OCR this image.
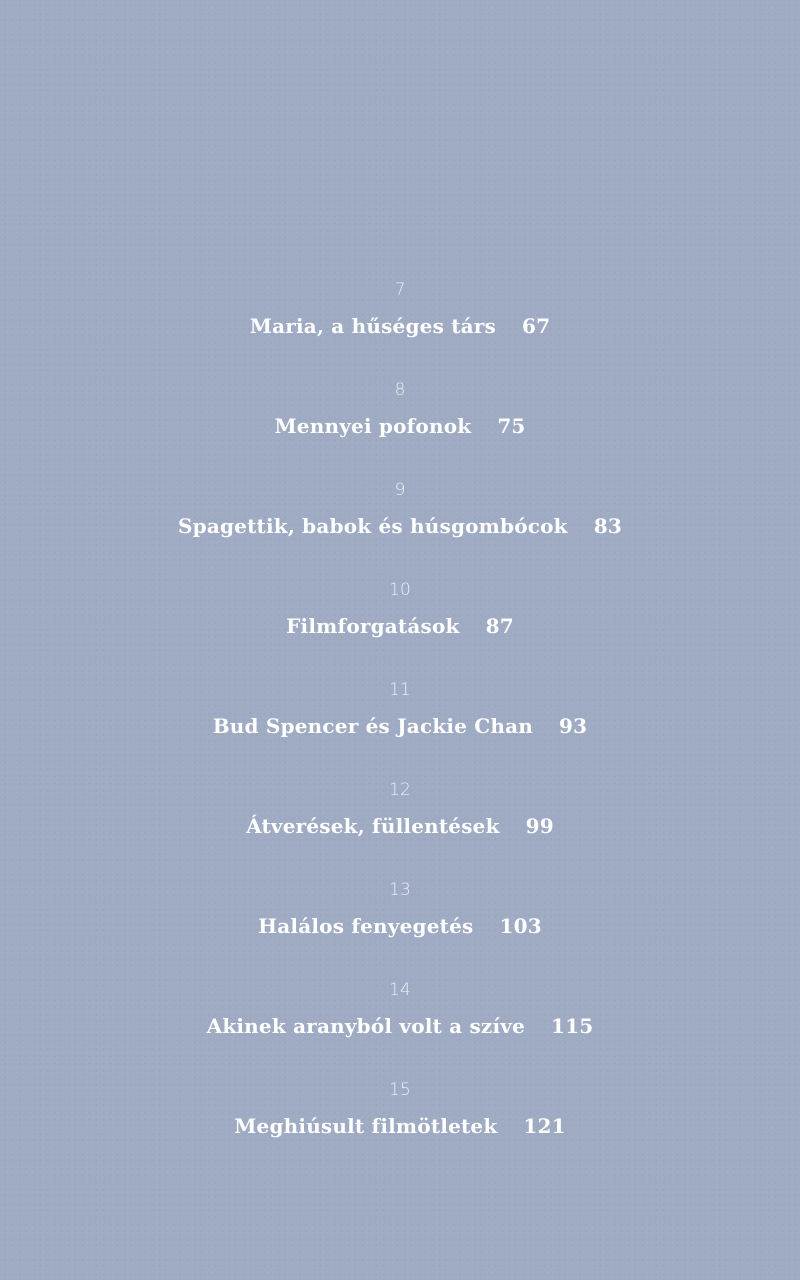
7
Maria, a hűséges társ 67
8
Mennyei pofonok 75
9
Spagettik, babok és húsgombócok 83
10
Filmforgatások 87
11
Bud Spencer és Jackie Chan 93
12
Átverések, füllentések 99
13
Halálos fenyegetés 103
14
Akinek aranyból volt a szíve 115
15
Meghiúsult filmötletek 121
